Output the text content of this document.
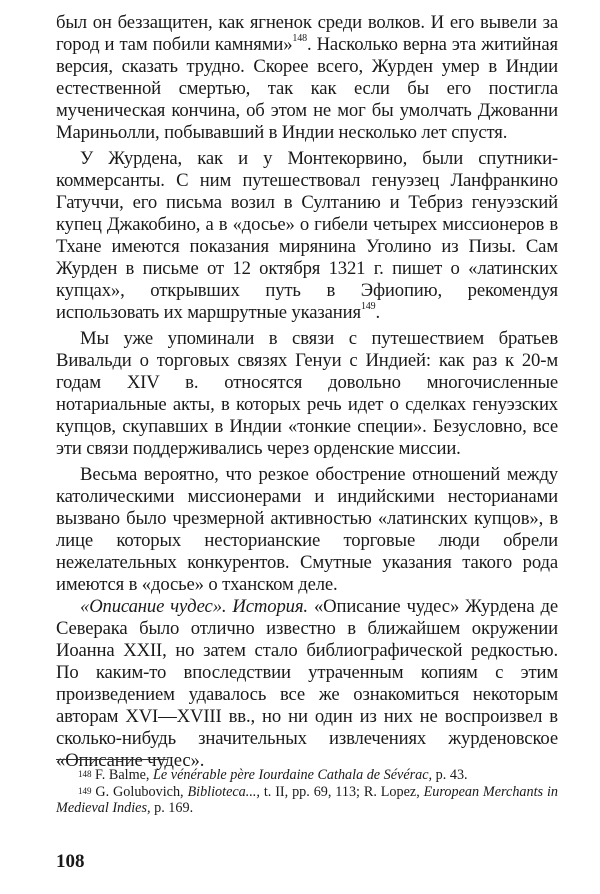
был он беззащитен, как ягненок среди волков. И его вывели за город и там побили камнями»$^{148}$. Насколько верна эта житийная версия, сказать трудно. Скорее всего, Журден умер в Индии естественной смертью, так как если бы его постигла мученическая кончина, об этом не мог бы умолчать Джованни Мариньолли, побывавший в Индии несколько лет спустя.

У Журдена, как и у Монтекорвино, были спутники-коммерсанты. С ним путешествовал генуэзец Ланфранкино Гатуччи, его письма возил в Султанию и Тебриз генуэзский купец Джакобино, а в «досье» о гибели четырех миссионеров в Тхане имеются показания мирянина Уголино из Пизы. Сам Журден в письме от 12 октября 1321 г. пишет о «латинских купцах», открывших путь в Эфиопию, рекомендуя использовать их маршрутные указания$^{149}$.

Мы уже упоминали в связи с путешествием братьев Вивальди о торговых связях Генуи с Индией: как раз к 20-м годам XIV в. относятся довольно многочисленные нотариальные акты, в которых речь идет о сделках генуэзских купцов, скупавших в Индии «тонкие специи». Безусловно, все эти связи поддерживались через орденские миссии.

Весьма вероятно, что резкое обострение отношений между католическими миссионерами и индийскими несторианами вызвано было чрезмерной активностью «латинских купцов», в лице которых несторианские торговые люди обрели нежелательных конкурентов. Смутные указания такого рода имеются в «досье» о тханском деле.

«Описание чудес». История. «Описание чудес» Журдена де Северака было отлично известно в ближайшем окружении Иоанна XXII, но затем стало библиографической редкостью. По каким-то впоследствии утраченным копиям с этим произведением удавалось все же ознакомиться некоторым авторам XVI—XVIII вв., но ни один из них не воспроизвел в сколько-нибудь значительных извлечениях журденовское «Описание чудес».

$^{148}$ F. Balme, Le vénérable père Iourdaine Cathala de Sévérac, p. 43.

$^{149}$ G. Golubovich, Biblioteca..., t. II, pp. 69, 113; R. Lopez, European Merchants in Medieval Indies, p. 169.

108
